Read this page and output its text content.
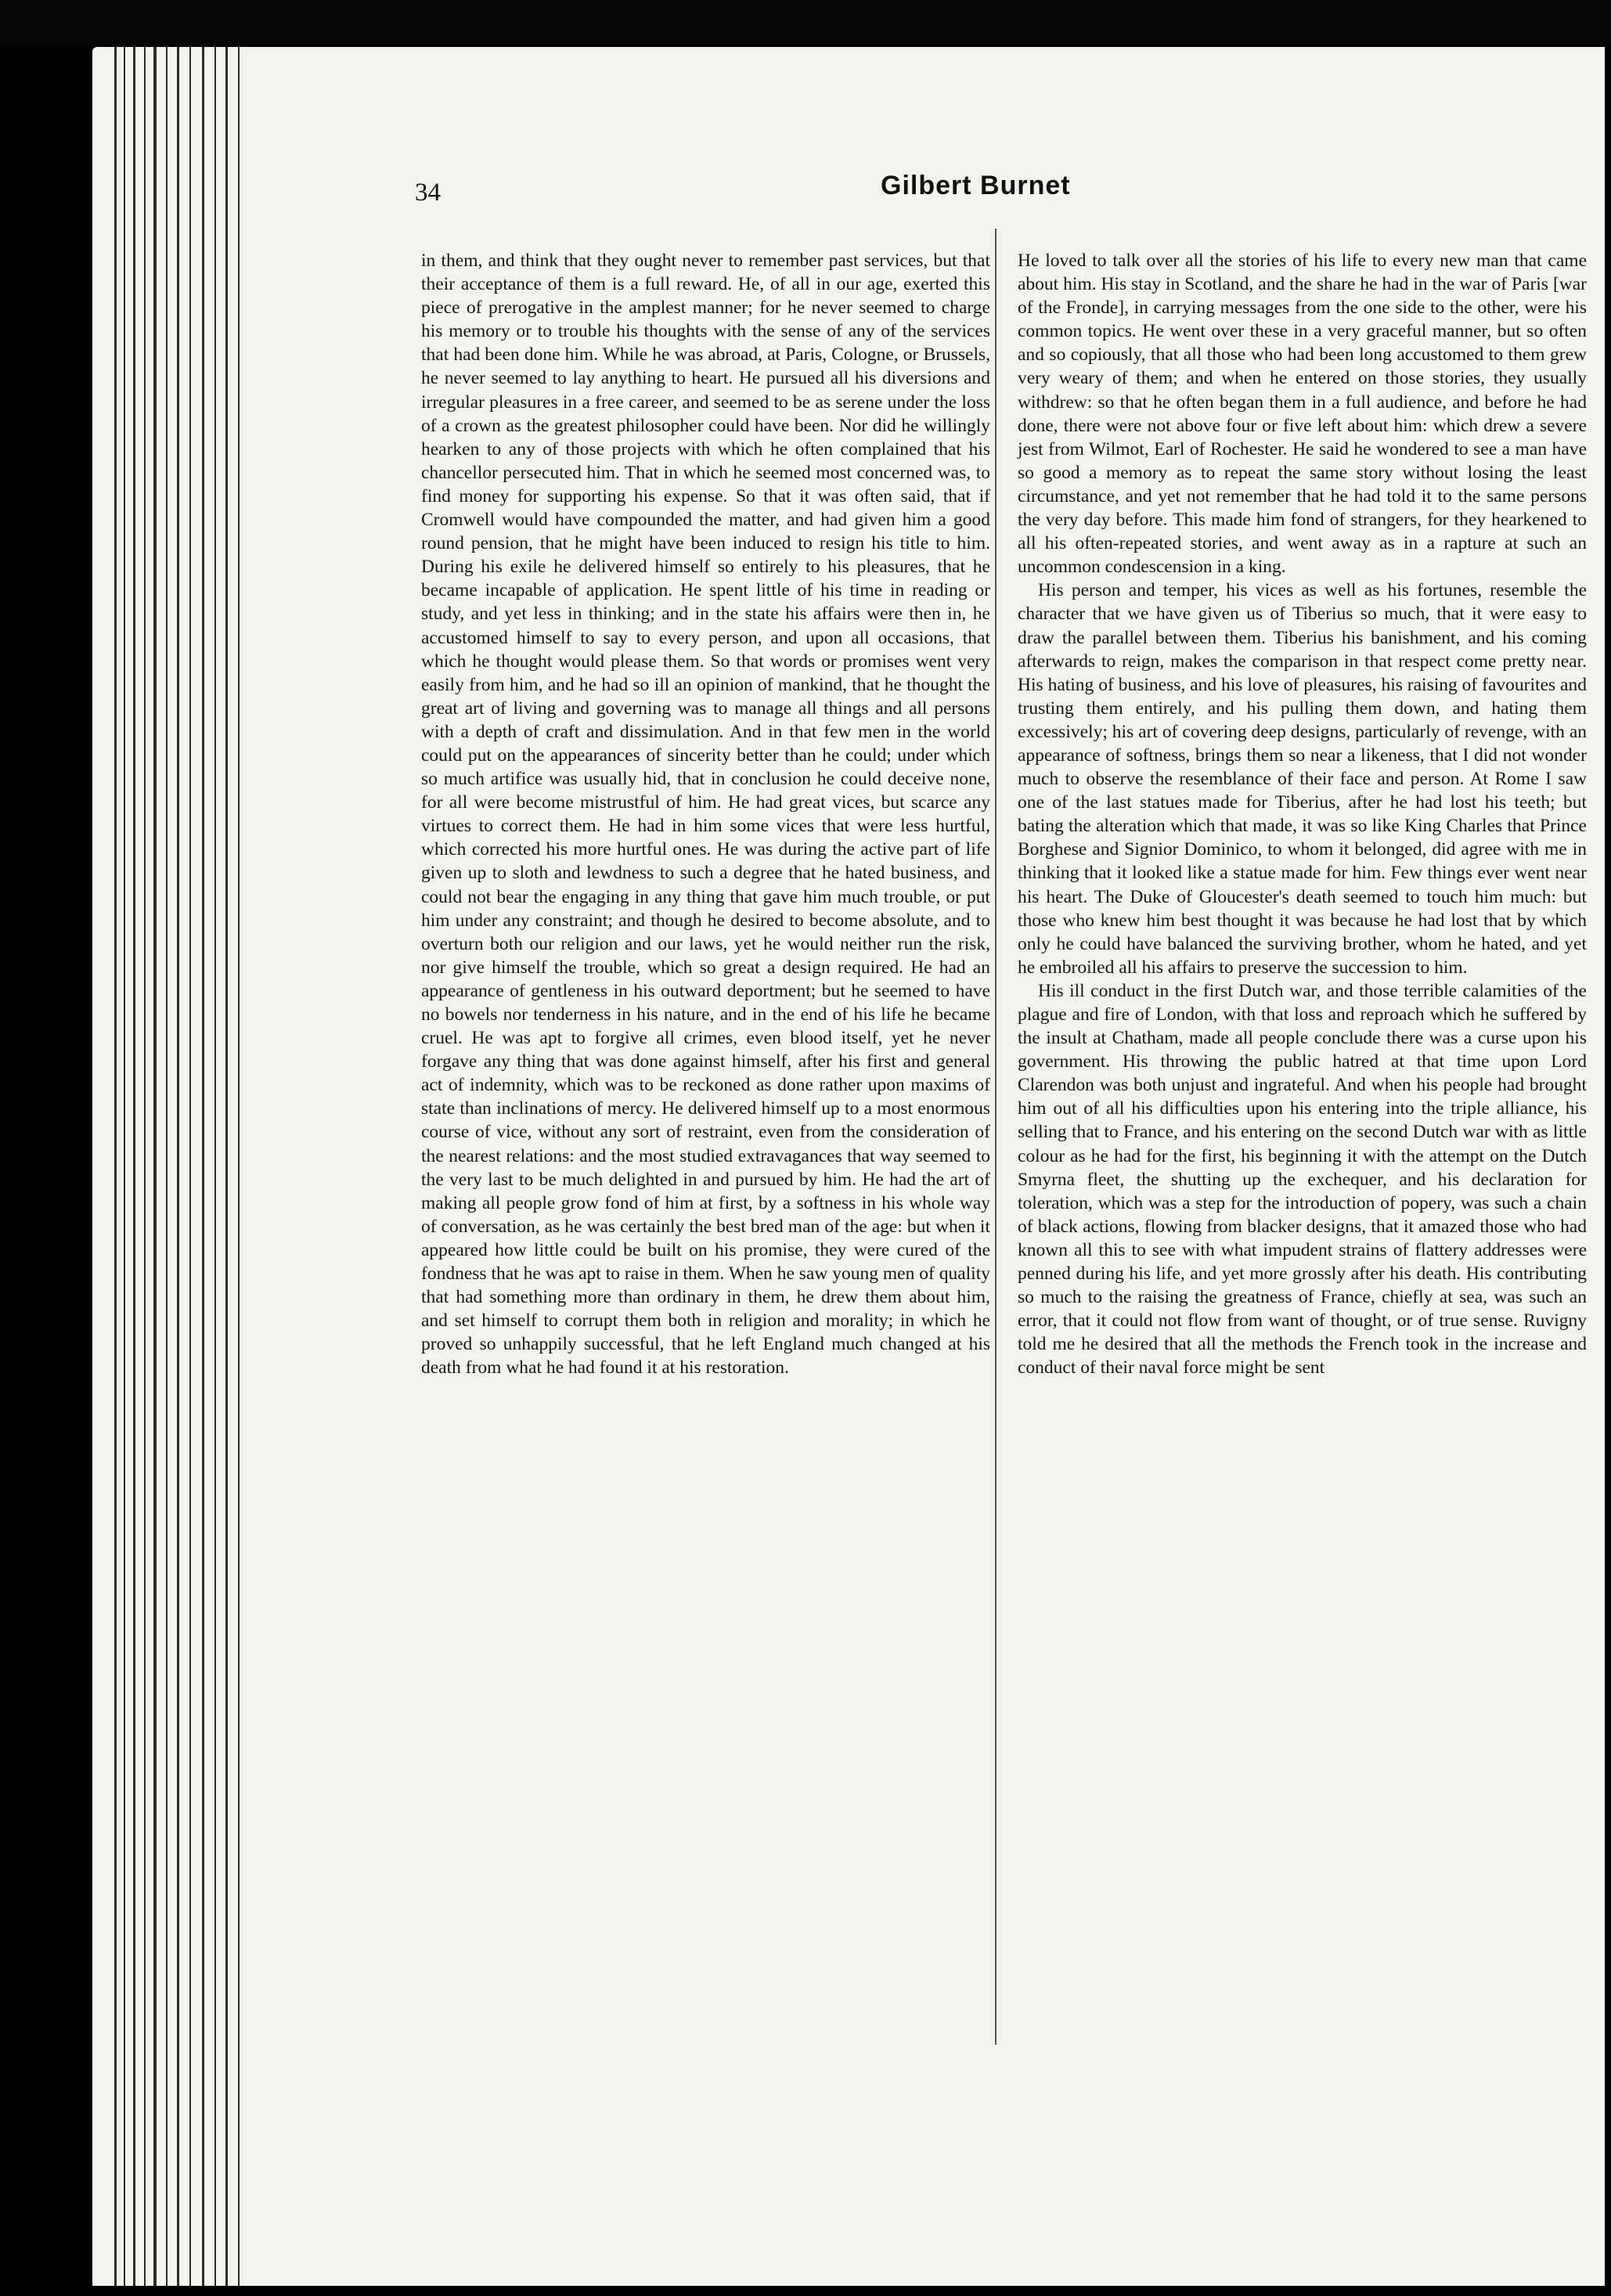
34	Gilbert Burnet

in them, and think that they ought never to remember past services, but that their acceptance of them is a full reward. He, of all in our age, exerted this piece of prerogative in the amplest manner; for he never seemed to charge his memory or to trouble his thoughts with the sense of any of the services that had been done him. While he was abroad, at Paris, Cologne, or Brussels, he never seemed to lay anything to heart. He pursued all his diversions and irregular pleasures in a free career, and seemed to be as serene under the loss of a crown as the greatest philosopher could have been. Nor did he willingly hearken to any of those projects with which he often complained that his chancellor persecuted him. That in which he seemed most concerned was, to find money for supporting his expense. So that it was often said, that if Cromwell would have compounded the matter, and had given him a good round pension, that he might have been induced to resign his title to him. During his exile he delivered himself so entirely to his pleasures, that he became incapable of application. He spent little of his time in reading or study, and yet less in thinking; and in the state his affairs were then in, he accustomed himself to say to every person, and upon all occasions, that which he thought would please them. So that words or promises went very easily from him, and he had so ill an opinion of mankind, that he thought the great art of living and governing was to manage all things and all persons with a depth of craft and dissimulation. And in that few men in the world could put on the appearances of sincerity better than he could; under which so much artifice was usually hid, that in conclusion he could deceive none, for all were become mistrustful of him. He had great vices, but scarce any virtues to correct them. He had in him some vices that were less hurtful, which corrected his more hurtful ones. He was during the active part of life given up to sloth and lewdness to such a degree that he hated business, and could not bear the engaging in any thing that gave him much trouble, or put him under any constraint; and though he desired to become absolute, and to overturn both our religion and our laws, yet he would neither run the risk, nor give himself the trouble, which so great a design required. He had an appearance of gentleness in his outward deportment; but he seemed to have no bowels nor tenderness in his nature, and in the end of his life he became cruel. He was apt to forgive all crimes, even blood itself, yet he never forgave any thing that was done against himself, after his first and general act of indemnity, which was to be reckoned as done rather upon maxims of state than inclinations of mercy. He delivered himself up to a most enormous course of vice, without any sort of restraint, even from the consideration of the nearest relations: and the most studied extravagances that way seemed to the very last to be much delighted in and pursued by him. He had the art of making all people grow fond of him at first, by a softness in his whole way of conversation, as he was certainly the best bred man of the age: but when it appeared how little could be built on his promise, they were cured of the fondness that he was apt to raise in them. When he saw young men of quality that had something more than ordinary in them, he drew them about him, and set himself to corrupt them both in religion and morality; in which he proved so unhappily successful, that he left England much changed at his death from what he had found it at his restoration.

He loved to talk over all the stories of his life to every new man that came about him. His stay in Scotland, and the share he had in the war of Paris [war of the Fronde], in carrying messages from the one side to the other, were his common topics. He went over these in a very graceful manner, but so often and so copiously, that all those who had been long accustomed to them grew very weary of them; and when he entered on those stories, they usually withdrew: so that he often began them in a full audience, and before he had done, there were not above four or five left about him: which drew a severe jest from Wilmot, Earl of Rochester. He said he wondered to see a man have so good a memory as to repeat the same story without losing the least circumstance, and yet not remember that he had told it to the same persons the very day before. This made him fond of strangers, for they hearkened to all his often-repeated stories, and went away as in a rapture at such an uncommon condescension in a king.

His person and temper, his vices as well as his fortunes, resemble the character that we have given us of Tiberius so much, that it were easy to draw the parallel between them. Tiberius his banishment, and his coming afterwards to reign, makes the comparison in that respect come pretty near. His hating of business, and his love of pleasures, his raising of favourites and trusting them entirely, and his pulling them down, and hating them excessively; his art of covering deep designs, particularly of revenge, with an appearance of softness, brings them so near a likeness, that I did not wonder much to observe the resemblance of their face and person. At Rome I saw one of the last statues made for Tiberius, after he had lost his teeth; but bating the alteration which that made, it was so like King Charles that Prince Borghese and Signior Dominico, to whom it belonged, did agree with me in thinking that it looked like a statue made for him. Few things ever went near his heart. The Duke of Gloucester's death seemed to touch him much: but those who knew him best thought it was because he had lost that by which only he could have balanced the surviving brother, whom he hated, and yet he embroiled all his affairs to preserve the succession to him.

His ill conduct in the first Dutch war, and those terrible calamities of the plague and fire of London, with that loss and reproach which he suffered by the insult at Chatham, made all people conclude there was a curse upon his government. His throwing the public hatred at that time upon Lord Clarendon was both unjust and ingrateful. And when his people had brought him out of all his difficulties upon his entering into the triple alliance, his selling that to France, and his entering on the second Dutch war with as little colour as he had for the first, his beginning it with the attempt on the Dutch Smyrna fleet, the shutting up the exchequer, and his declaration for toleration, which was a step for the introduction of popery, was such a chain of black actions, flowing from blacker designs, that it amazed those who had known all this to see with what impudent strains of flattery addresses were penned during his life, and yet more grossly after his death. His contributing so much to the raising the greatness of France, chiefly at sea, was such an error, that it could not flow from want of thought, or of true sense. Ruvigny told me he desired that all the methods the French took in the increase and conduct of their naval force might be sent
